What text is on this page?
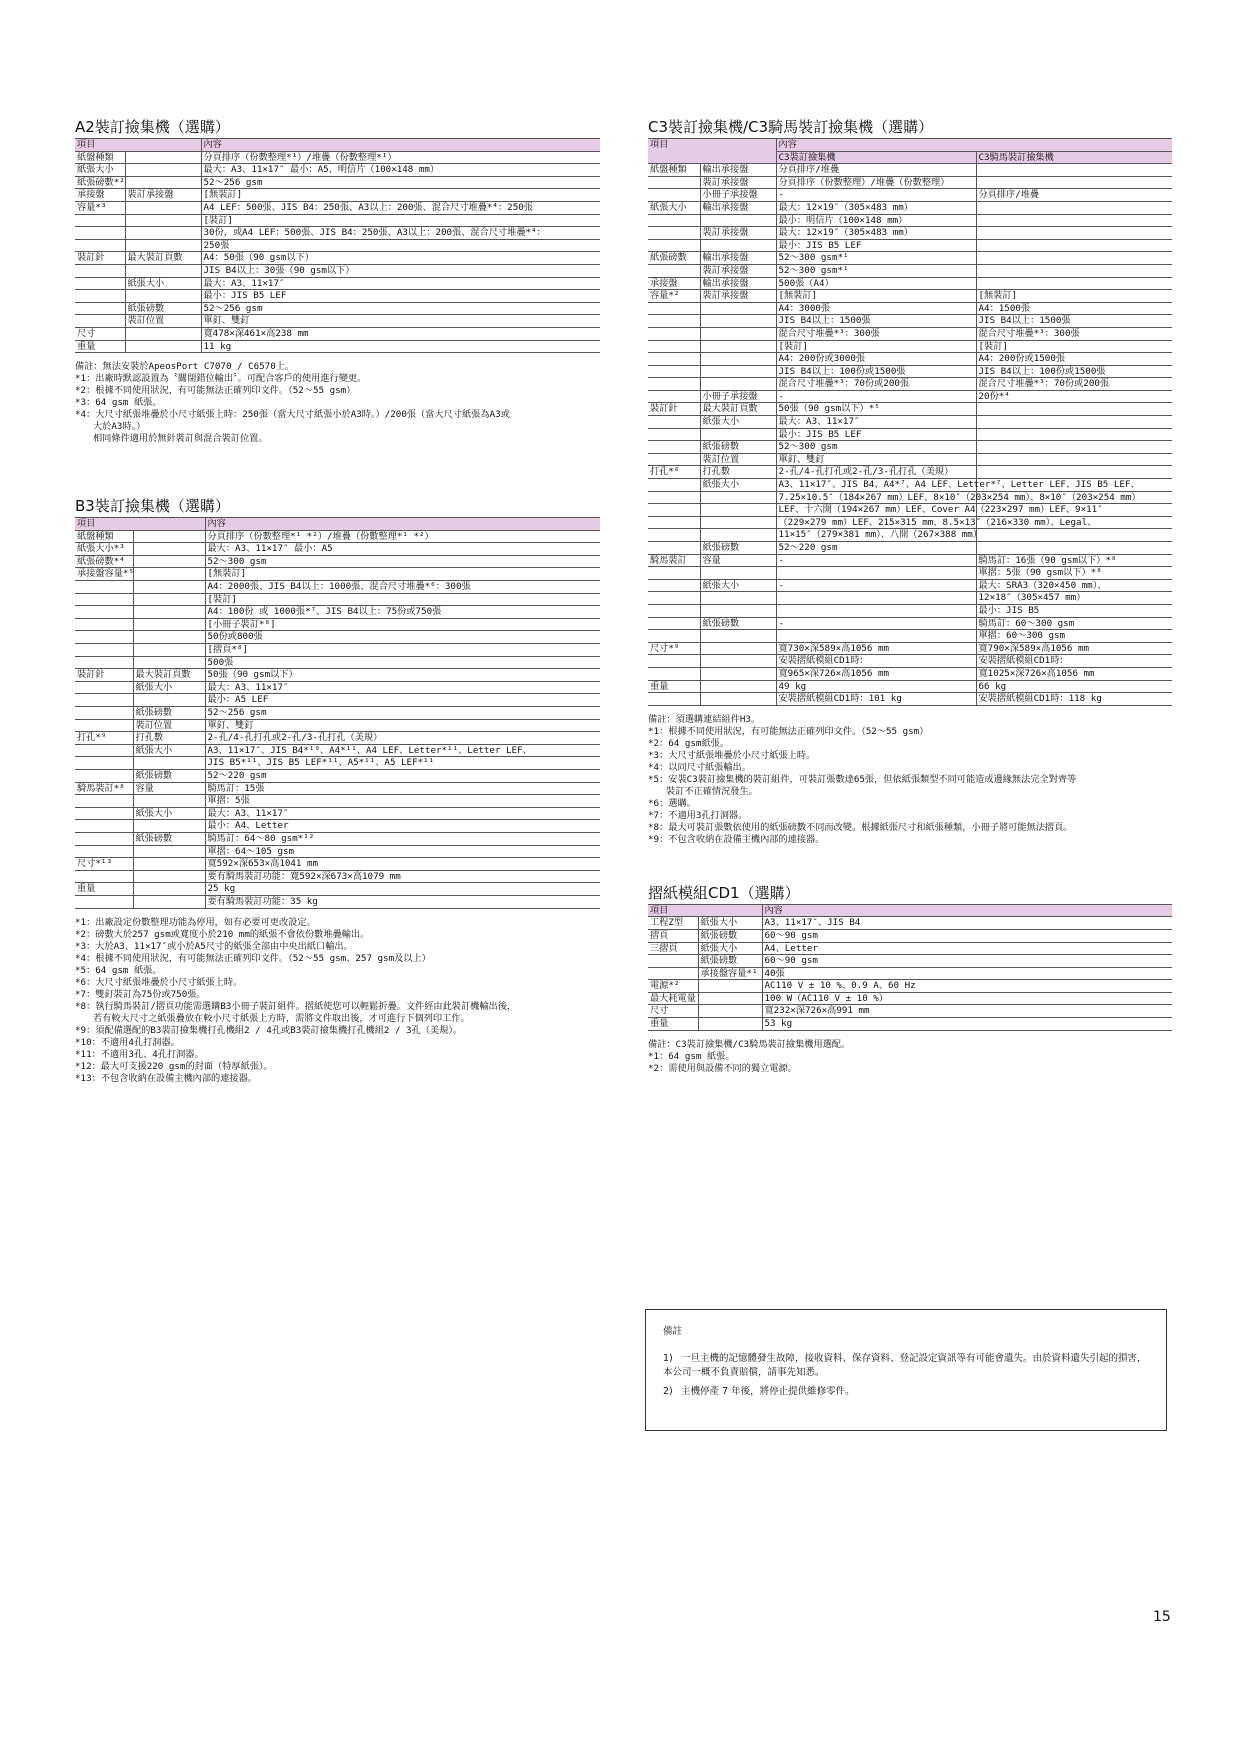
A2裝訂撿集機（選購）
項目		內容
紙盤種類		分頁排序（份數整理*¹）/堆疊（份數整理*¹）
紙張大小		最大：A3、11×17″ 最小：A5、明信片（100×148 mm）
紙張磅數*²		52～256 gsm
承接盤	裝訂承接盤	[無裝訂]
容量*³		A4 LEF：500張、JIS B4：250張、A3以上：200張、混合尺寸堆疊*⁴：250張
		[裝訂]
		30份，或A4 LEF：500張、JIS B4：250張、A3以上：200張、混合尺寸堆疊*⁴：
		250張
裝訂針	最大裝訂頁數	A4：50張（90 gsm以下）
		JIS B4以上：30張（90 gsm以下）
	紙張大小	最大：A3、11×17″
		最小：JIS B5 LEF
	紙張磅數	52～256 gsm
	裝訂位置	單釘、雙釘
尺寸		寬478×深461×高238 mm
重量		11 kg
備註：無法安裝於ApeosPort C7070 / C6570上。
*1：出廠時默認設置為〝關閉錯位輸出〞。可配合客戶的使用進行變更。
*2：根據不同使用狀況，有可能無法正確列印文件。（52～55 gsm）
*3：64 gsm 紙張。
*4：大尺寸紙張堆疊於小尺寸紙張上時：250張（當大尺寸紙張小於A3時。）/200張（當大尺寸紙張為A3或
大於A3時。）
相同條件適用於無針裝訂與混合裝訂位置。
B3裝訂撿集機（選購）
項目		內容
紙盤種類		分頁排序（份數整理*¹ *²）/堆疊（份數整理*¹ *²）
紙張大小*³		最大：A3、11×17″ 最小：A5
紙張磅數*⁴		52～300 gsm
承接盤容量*⁵		[無裝訂]
		A4：2000張、JIS B4以上：1000張、混合尺寸堆疊*⁶：300張
		[裝訂]
		A4：100份 或 1000張*⁷、JIS B4以上：75份或750張
		[小冊子裝訂*⁸]
		50份或800張
		[摺頁*⁸]
		500張
裝訂針	最大裝訂頁數	50張（90 gsm以下）
	紙張大小	最大：A3、11×17″
		最小：A5 LEF
	紙張磅數	52～256 gsm
	裝訂位置	單釘、雙釘
打孔*⁹	打孔數	2-孔/4-孔打孔或2-孔/3-孔打孔（美規）
	紙張大小	A3、11×17″、JIS B4*¹⁰、A4*¹¹、A4 LEF、Letter*¹¹、Letter LEF、
		JIS B5*¹¹、JIS B5 LEF*¹¹、A5*¹¹、A5 LEF*¹¹
	紙張磅數	52～220 gsm
騎馬裝訂*⁸	容量	騎馬訂：15張
		單摺：5張
	紙張大小	最大：A3、11×17″
		最小：A4、Letter
	紙張磅數	騎馬訂：64～80 gsm*¹²
		單摺：64～105 gsm
尺寸*¹³		寬592×深653×高1041 mm
		要有騎馬裝訂功能：寬592×深673×高1079 mm
重量		25 kg
		要有騎馬裝訂功能：35 kg
*1：出廠設定份數整理功能為停用，如有必要可更改設定。
*2：磅數大於257 gsm或寬度小於210 mm的紙張不會依份數堆疊輸出。
*3：大於A3、11×17″或小於A5尺寸的紙張全部由中央出紙口輸出。
*4：根據不同使用狀況，有可能無法正確列印文件。（52～55 gsm、257 gsm及以上）
*5：64 gsm 紙張。
*6：大尺寸紙張堆疊於小尺寸紙張上時。
*7：雙釘裝訂為75份或750張。
*8：執行騎馬裝訂/摺頁功能需選購B3小冊子裝訂組件。摺紙使您可以輕鬆折疊。文件經由此裝訂機輸出後，
若有較大尺寸之紙張疊放在較小尺寸紙張上方時，需將文件取出後，才可進行下個列印工作。
*9：須配備選配的B3裝訂撿集機打孔機組2 / 4孔或B3裝訂撿集機打孔機組2 / 3孔（美規）。
*10：不適用4孔打洞器。
*11：不適用3孔、4孔打洞器。
*12：最大可支援220 gsm的封面（特厚紙張）。
*13：不包含收納在設備主機內部的連接器。
C3裝訂撿集機/C3騎馬裝訂撿集機（選購）
項目		內容	
		C3裝訂撿集機	C3騎馬裝訂撿集機
紙盤種類	輸出承接盤	分頁排序/堆疊	
	裝訂承接盤	分頁排序（份數整理）/堆疊（份數整理）	
	小冊子承接盤	-	分頁排序/堆疊
紙張大小	輸出承接盤	最大：12×19″（305×483 mm）	
		最小：明信片（100×148 mm）	
	裝訂承接盤	最大：12×19″（305×483 mm）	
		最小：JIS B5 LEF	
紙張磅數	輸出承接盤	52～300 gsm*¹	
	裝訂承接盤	52～300 gsm*¹	
承接盤	輸出承接盤	500張（A4）	
容量*²	裝訂承接盤	[無裝訂]	[無裝訂]
		A4：3000張	A4：1500張
		JIS B4以上：1500張	JIS B4以上：1500張
		混合尺寸堆疊*³：300張	混合尺寸堆疊*³：300張
		[裝訂]	[裝訂]
		A4：200份或3000張	A4：200份或1500張
		JIS B4以上：100份或1500張	JIS B4以上：100份或1500張
		混合尺寸堆疊*³：70份或200張	混合尺寸堆疊*³：70份或200張
	小冊子承接盤	-	20份*⁴
裝訂針	最大裝訂頁數	50張（90 gsm以下）*⁵	
	紙張大小	最大：A3、11×17″	
		最小：JIS B5 LEF	
	紙張磅數	52～300 gsm	
	裝訂位置	單釘、雙釘	
打孔*⁶	打孔數	2-孔/4-孔打孔或2-孔/3-孔打孔（美規）	
	紙張大小	A3、11×17″、JIS B4、A4*⁷、A4 LEF、Letter*⁷、Letter LEF、JIS B5 LEF、	
		7.25×10.5″（184×267 mm）LEF、8×10″（203×254 mm）、8×10″（203×254 mm）	
		LEF、十六開（194×267 mm）LEF、Cover A4（223×297 mm）LEF、9×11″	
		（229×279 mm）LEF、215×315 mm、8.5×13″（216×330 mm）、Legal、	
		11×15″（279×381 mm）、八開（267×388 mm）	
	紙張磅數	52～220 gsm	
騎馬裝訂	容量	-	騎馬訂：16張（90 gsm以下）*⁸
			單摺：5張（90 gsm以下）*⁸
	紙張大小	-	最大：SRA3（320×450 mm）、
			12×18″（305×457 mm）
			最小：JIS B5
	紙張磅數	-	騎馬訂：60～300 gsm
			單摺：60～300 gsm
尺寸*⁹		寬730×深589×高1056 mm	寬790×深589×高1056 mm
		安裝摺紙模組CD1時：	安裝摺紙模組CD1時：
		寬965×深726×高1056 mm	寬1025×深726×高1056 mm
重量		49 kg	66 kg
		安裝摺紙模組CD1時：101 kg	安裝摺紙模組CD1時：118 kg
備註：須選購連結組件H3。
*1：根據不同使用狀況，有可能無法正確列印文件。（52～55 gsm）
*2：64 gsm紙張。
*3：大尺寸紙張堆疊於小尺寸紙張上時。
*4：以同尺寸紙張輸出。
*5：安裝C3裝訂撿集機的裝訂組件，可裝訂張數達65張，但依紙張類型不同可能造成邊緣無法完全對齊等
裝訂不正確情況發生。
*6：選購。
*7：不適用3孔打洞器。
*8：最大可裝訂張數依使用的紙張磅數不同而改變。根據紙張尺寸和紙張種類，小冊子將可能無法摺頁。
*9：不包含收納在設備主機內部的連接器。
摺紙模組CD1（選購）
項目		內容
工程Z型	紙張大小	A3、11×17″、JIS B4
摺頁	紙張磅數	60～90 gsm
三摺頁	紙張大小	A4、Letter
	紙張磅數	60～90 gsm
	承接盤容量*¹	40張
電源*²		AC110 V ± 10 %、0.9 A、60 Hz
最大耗電量		100 W（AC110 V ± 10 %）
尺寸		寬232×深726×高991 mm
重量		53 kg
備註：C3裝訂撿集機/C3騎馬裝訂撿集機用選配。
*1：64 gsm 紙張。
*2：需使用與設備不同的獨立電源。
備註
1) 一旦主機的記憶體發生故障，接收資料、保存資料、登記設定資訊等有可能會遺失。由於資料遺失引起的損害，本公司一概不負責賠償，請事先知悉。
2) 主機停產 7 年後，將停止提供維修零件。
15
